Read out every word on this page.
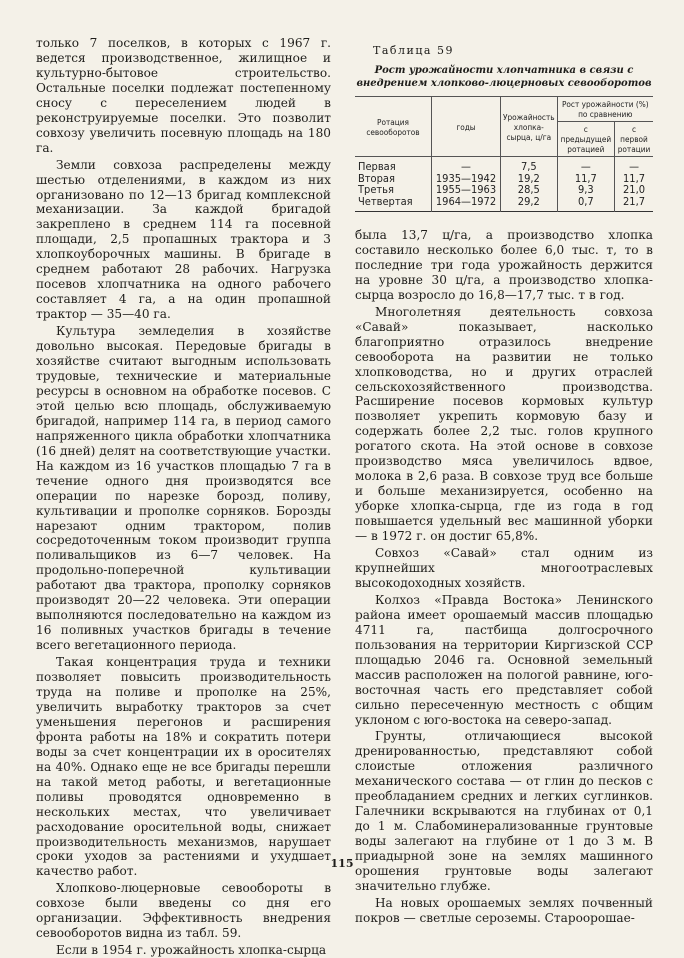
только 7 поселков, в которых с 1967 г. ведется производственное, жилищное и культурно-бытовое строительство. Остальные поселки подлежат постепенному сносу с переселением людей в реконструируемые поселки. Это позволит совхозу увеличить посевную площадь на 180 га.

Земли совхоза распределены между шестью отделениями, в каждом из них организовано по 12—13 бригад комплексной механизации. За каждой бригадой закреплено в среднем 114 га посевной площади, 2,5 пропашных трактора и 3 хлопкоуборочных машины. В бригаде в среднем работают 28 рабочих. Нагрузка посевов хлопчатника на одного рабочего составляет 4 га, а на один пропашной трактор — 35—40 га.

Культура земледелия в хозяйстве довольно высокая. Передовые бригады в хозяйстве считают выгодным использовать трудовые, технические и материальные ресурсы в основном на обработке посевов. С этой целью всю площадь, обслуживаемую бригадой, например 114 га, в период самого напряженного цикла обработки хлопчатника (16 дней) делят на соответствующие участки. На каждом из 16 участков площадью 7 га в течение одного дня производятся все операции по нарезке борозд, поливу, культивации и прополке сорняков. Борозды нарезают одним трактором, полив сосредоточенным током производит группа поливальщиков из 6—7 человек. На продольно-поперечной культивации работают два трактора, прополку сорняков производят 20—22 человека. Эти операции выполняются последовательно на каждом из 16 поливных участков бригады в течение всего вегетационного периода.

Такая концентрация труда и техники позволяет повысить производительность труда на поливе и прополке на 25%, увеличить выработку тракторов за счет уменьшения перегонов и расширения фронта работы на 18% и сократить потери воды за счет концентрации их в оросителях на 40%. Однако еще не все бригады перешли на такой метод работы, и вегетационные поливы проводятся одновременно в нескольких местах, что увеличивает расходование оросительной воды, снижает производительность механизмов, нарушает сроки уходов за растениями и ухудшает качество работ.

Хлопково-люцерновые севообороты в совхозе были введены со дня его организации. Эффективность внедрения севооборотов видна из табл. 59.

Если в 1954 г. урожайность хлопка-сырца

Таблица 59
Рост урожайности хлопчатника в связи с внедрением хлопково-люцерновых севооборотов
Ротация севооборотов	годы	Урожайность хлопка-сырца, ц/га	Рост урожайности (%) по сравнению	
			с предыдущей ротацией	с первой ротации
Первая	—	7,5	—	—
Вторая	1935—1942	19,2	11,7	11,7
Третья	1955—1963	28,5	9,3	21,0
Четвертая	1964—1972	29,2	0,7	21,7

была 13,7 ц/га, а производство хлопка составило несколько более 6,0 тыс. т, то в последние три года урожайность держится на уровне 30 ц/га, а производство хлопка-сырца возросло до 16,8—17,7 тыс. т в год.

Многолетняя деятельность совхоза «Савай» показывает, насколько благоприятно отразилось внедрение севооборота на развитии не только хлопководства, но и других отраслей сельскохозяйственного производства. Расширение посевов кормовых культур позволяет укрепить кормовую базу и содержать более 2,2 тыс. голов крупного рогатого скота. На этой основе в совхозе производство мяса увеличилось вдвое, молока в 2,6 раза. В совхозе труд все больше и больше механизируется, особенно на уборке хлопка-сырца, где из года в год повышается удельный вес машинной уборки — в 1972 г. он достиг 65,8%.

Совхоз «Савай» стал одним из крупнейших многоотраслевых высокодоходных хозяйств.

Колхоз «Правда Востока» Ленинского района имеет орошаемый массив площадью 4711 га, пастбища долгосрочного пользования на территории Киргизской ССР площадью 2046 га. Основной земельный массив расположен на пологой равнине, юго-восточная часть его представляет собой сильно пересеченную местность с общим уклоном с юго-востока на северо-запад.

Грунты, отличающиеся высокой дренированностью, представляют собой слоистые отложения различного механического состава — от глин до песков с преобладанием средних и легких суглинков. Галечники вскрываются на глубинах от 0,1 до 1 м. Слабоминерализованные грунтовые воды залегают на глубине от 1 до 3 м. В приадырной зоне на землях машинного орошения грунтовые воды залегают значительно глубже.

На новых орошаемых землях почвенный покров — светлые сероземы. Староорошае-

115
